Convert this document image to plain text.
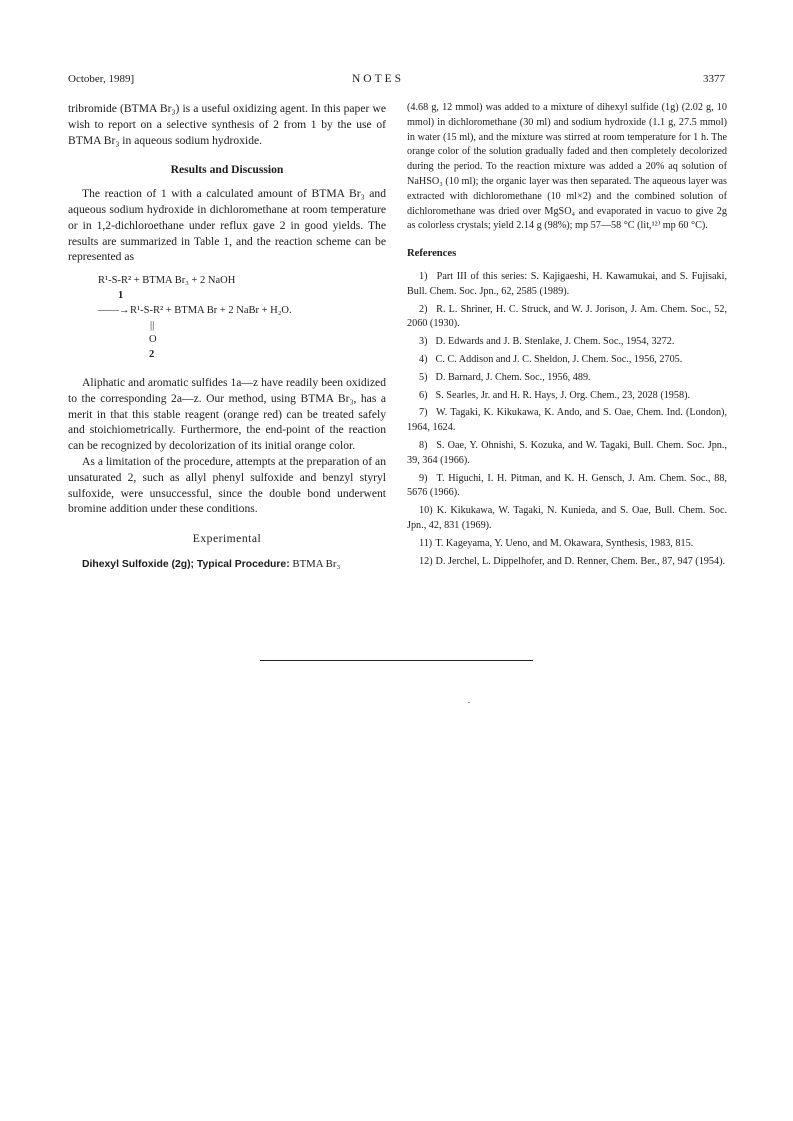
October, 1989]	NOTES	3377

tribromide (BTMA Br₃) is a useful oxidizing agent. In this paper we wish to report on a selective synthesis of 2 from 1 by the use of BTMA Br₃ in aqueous sodium hydroxide.

Results and Discussion

The reaction of 1 with a calculated amount of BTMA Br₃ and aqueous sodium hydroxide in dichloromethane at room temperature or in 1,2-dichloroethane under reflux gave 2 in good yields. The results are summarized in Table 1, and the reaction scheme can be represented as

R¹-S-R² + BTMA Br₃ + 2 NaOH
1
——→R¹-S-R² + BTMA Br + 2 NaBr + H₂O.
||
O
2

Aliphatic and aromatic sulfides 1a—z have readily been oxidized to the corresponding 2a—z. Our method, using BTMA Br₃, has a merit in that this stable reagent (orange red) can be treated safely and stoichiometrically. Furthermore, the end-point of the reaction can be recognized by decolorization of its initial orange color.

As a limitation of the procedure, attempts at the preparation of an unsaturated 2, such as allyl phenyl sulfoxide and benzyl styryl sulfoxide, were unsuccessful, since the double bond underwent bromine addition under these conditions.

Experimental

Dihexyl Sulfoxide (2g); Typical Procedure: BTMA Br₃

(4.68 g, 12 mmol) was added to a mixture of dihexyl sulfide (1g) (2.02 g, 10 mmol) in dichloromethane (30 ml) and sodium hydroxide (1.1 g, 27.5 mmol) in water (15 ml), and the mixture was stirred at room temperature for 1 h. The orange color of the solution gradually faded and then completely decolorized during the period. To the reaction mixture was added a 20% aq solution of NaHSO₃ (10 ml); the organic layer was then separated. The aqueous layer was extracted with dichloromethane (10 ml×2) and the combined solution of dichloromethane was dried over MgSO₄ and evaporated in vacuo to give 2g as colorless crystals; yield 2.14 g (98%); mp 57—58 °C (lit,¹²⁾ mp 60 °C).

References
1) Part III of this series: S. Kajigaeshi, H. Kawamukai, and S. Fujisaki, Bull. Chem. Soc. Jpn., 62, 2585 (1989).
2) R. L. Shriner, H. C. Struck, and W. J. Jorison, J. Am. Chem. Soc., 52, 2060 (1930).
3) D. Edwards and J. B. Stenlake, J. Chem. Soc., 1954, 3272.
4) C. C. Addison and J. C. Sheldon, J. Chem. Soc., 1956, 2705.
5) D. Barnard, J. Chem. Soc., 1956, 489.
6) S. Searles, Jr. and H. R. Hays, J. Org. Chem., 23, 2028 (1958).
7) W. Tagaki, K. Kikukawa, K. Ando, and S. Oae, Chem. Ind. (London), 1964, 1624.
8) S. Oae, Y. Ohnishi, S. Kozuka, and W. Tagaki, Bull. Chem. Soc. Jpn., 39, 364 (1966).
9) T. Higuchi, I. H. Pitman, and K. H. Gensch, J. Am. Chem. Soc., 88, 5676 (1966).
10) K. Kikukawa, W. Tagaki, N. Kunieda, and S. Oae, Bull. Chem. Soc. Jpn., 42, 831 (1969).
11) T. Kageyama, Y. Ueno, and M. Okawara, Synthesis, 1983, 815.
12) D. Jerchel, L. Dippelhofer, and D. Renner, Chem. Ber., 87, 947 (1954).
